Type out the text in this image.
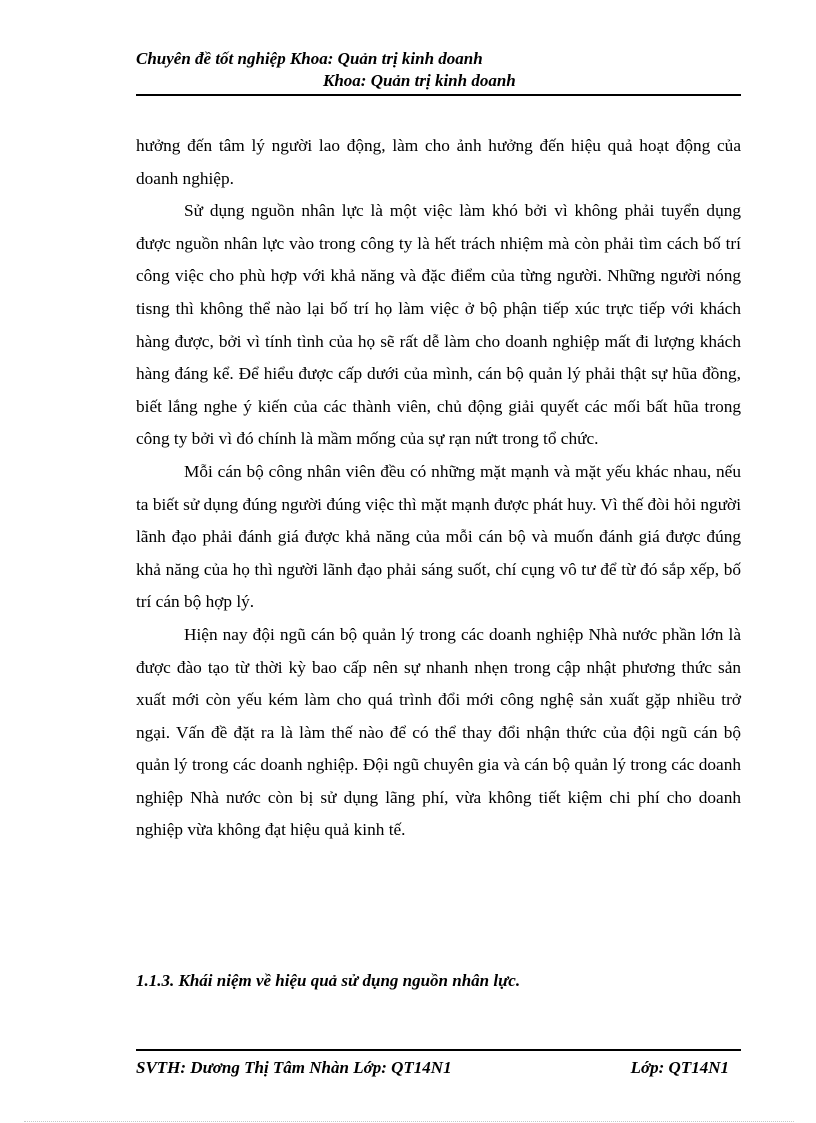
Chuyên đề tốt nghiệp Khoa: Quản trị kinh doanh
Khoa: Quản trị kinh doanh

hưởng đến tâm lý người lao động, làm cho ảnh hưởng đến hiệu quả hoạt động của doanh nghiệp.

Sử dụng nguồn nhân lực là một việc làm khó bởi vì không phải tuyển dụng được nguồn nhân lực vào trong công ty là hết trách nhiệm mà còn phải tìm cách bố trí công việc cho phù hợp với khả năng và đặc điểm của từng người. Những người nóng tisng thì không thể nào lại bố trí họ làm việc ở bộ phận tiếp xúc trực tiếp với khách hàng được, bởi vì tính tình của họ sẽ rất dễ làm cho doanh nghiệp mất đi lượng khách hàng đáng kể. Để hiểu được cấp dưới của mình, cán bộ quản lý phải thật sự hũa đồng, biết lắng nghe ý kiến của các thành viên, chủ động giải quyết các mối bất hũa trong công ty bởi vì đó chính là mầm mống của sự rạn nứt trong tổ chức.

Mỗi cán bộ công nhân viên đều có những mặt mạnh và mặt yếu khác nhau, nếu ta biết sử dụng đúng người đúng việc thì mặt mạnh được phát huy. Vì thế đòi hỏi người lãnh đạo phải đánh giá được khả năng của mỗi cán bộ và muốn đánh giá được đúng khả năng của họ thì người lãnh đạo phải sáng suốt, chí cụng vô tư để từ đó sắp xếp, bố trí cán bộ hợp lý.

Hiện nay đội ngũ cán bộ quản lý trong các doanh nghiệp Nhà nước phần lớn là được đào tạo từ thời kỳ bao cấp nên sự nhanh nhẹn trong cập nhật phương thức sản xuất mới còn yếu kém làm cho quá trình đổi mới công nghệ sản xuất gặp nhiều trở ngại. Vấn đề đặt ra là làm thế nào để có thể thay đổi nhận thức của đội ngũ cán bộ quản lý trong các doanh nghiệp. Đội ngũ chuyên gia và cán bộ quản lý trong các doanh nghiệp Nhà nước còn bị sử dụng lãng phí, vừa không tiết kiệm chi phí cho doanh nghiệp vừa không đạt hiệu quả kinh tế.

1.1.3. Khái niệm về hiệu quả sử dụng nguồn nhân lực.
SVTH: Dương Thị Tâm Nhàn Lớp: QT14N1	Lớp: QT14N1
